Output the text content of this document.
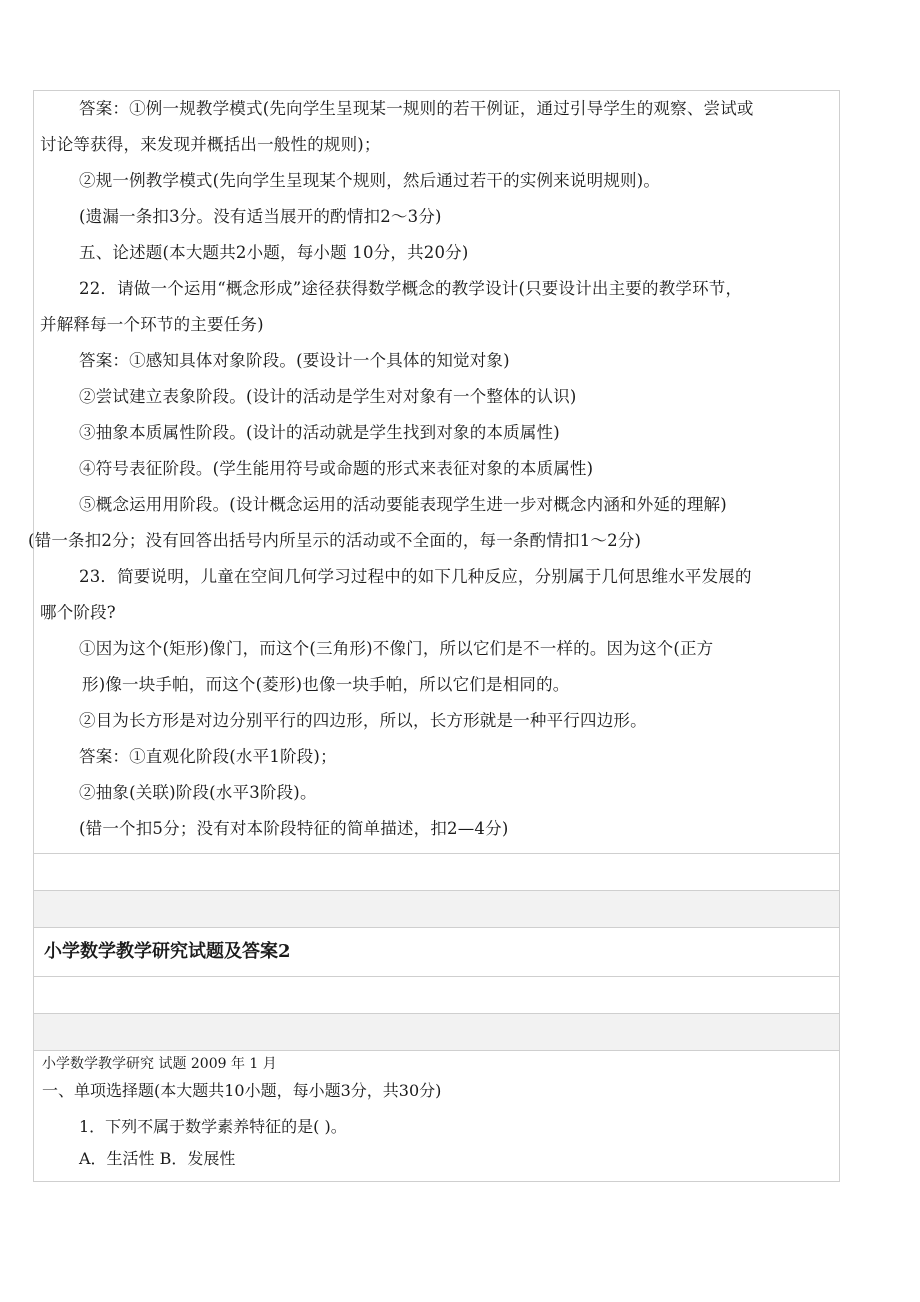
答案：①例一规教学模式(先向学生呈现某一规则的若干例证，通过引导学生的观察、尝试或
讨论等获得，来发现并概括出一般性的规则)；
②规一例教学模式(先向学生呈现某个规则，然后通过若干的实例来说明规则)。
(遗漏一条扣3分。没有适当展开的酌情扣2～3分)
五、论述题(本大题共2小题，每小题 10分，共20分)
22．请做一个运用“概念形成”途径获得数学概念的教学设计(只要设计出主要的教学环节，
并解释每一个环节的主要任务)
答案：①感知具体对象阶段。(要设计一个具体的知觉对象)
②尝试建立表象阶段。(设计的活动是学生对对象有一个整体的认识)
③抽象本质属性阶段。(设计的活动就是学生找到对象的本质属性)
④符号表征阶段。(学生能用符号或命题的形式来表征对象的本质属性)
⑤概念运用用阶段。(设计概念运用的活动要能表现学生进一步对概念内涵和外延的理解)
(错一条扣2分；没有回答出括号内所呈示的活动或不全面的，每一条酌情扣1～2分)
23．简要说明，儿童在空间几何学习过程中的如下几种反应，分别属于几何思维水平发展的
哪个阶段?
①因为这个(矩形)像门，而这个(三角形)不像门，所以它们是不一样的。因为这个(正方
形)像一块手帕，而这个(菱形)也像一块手帕，所以它们是相同的。
②目为长方形是对边分别平行的四边形，所以，长方形就是一种平行四边形。
答案：①直观化阶段(水平1阶段)；
②抽象(关联)阶段(水平3阶段)。
(错一个扣5分；没有对本阶段特征的简单描述，扣2—4分)
小学数学教学研究试题及答案2
小学数学教学研究 试题 2009 年 1 月
一、单项选择题(本大题共10小题，每小题3分，共30分)
1．下列不属于数学素养特征的是( )。
A．生活性 B．发展性
